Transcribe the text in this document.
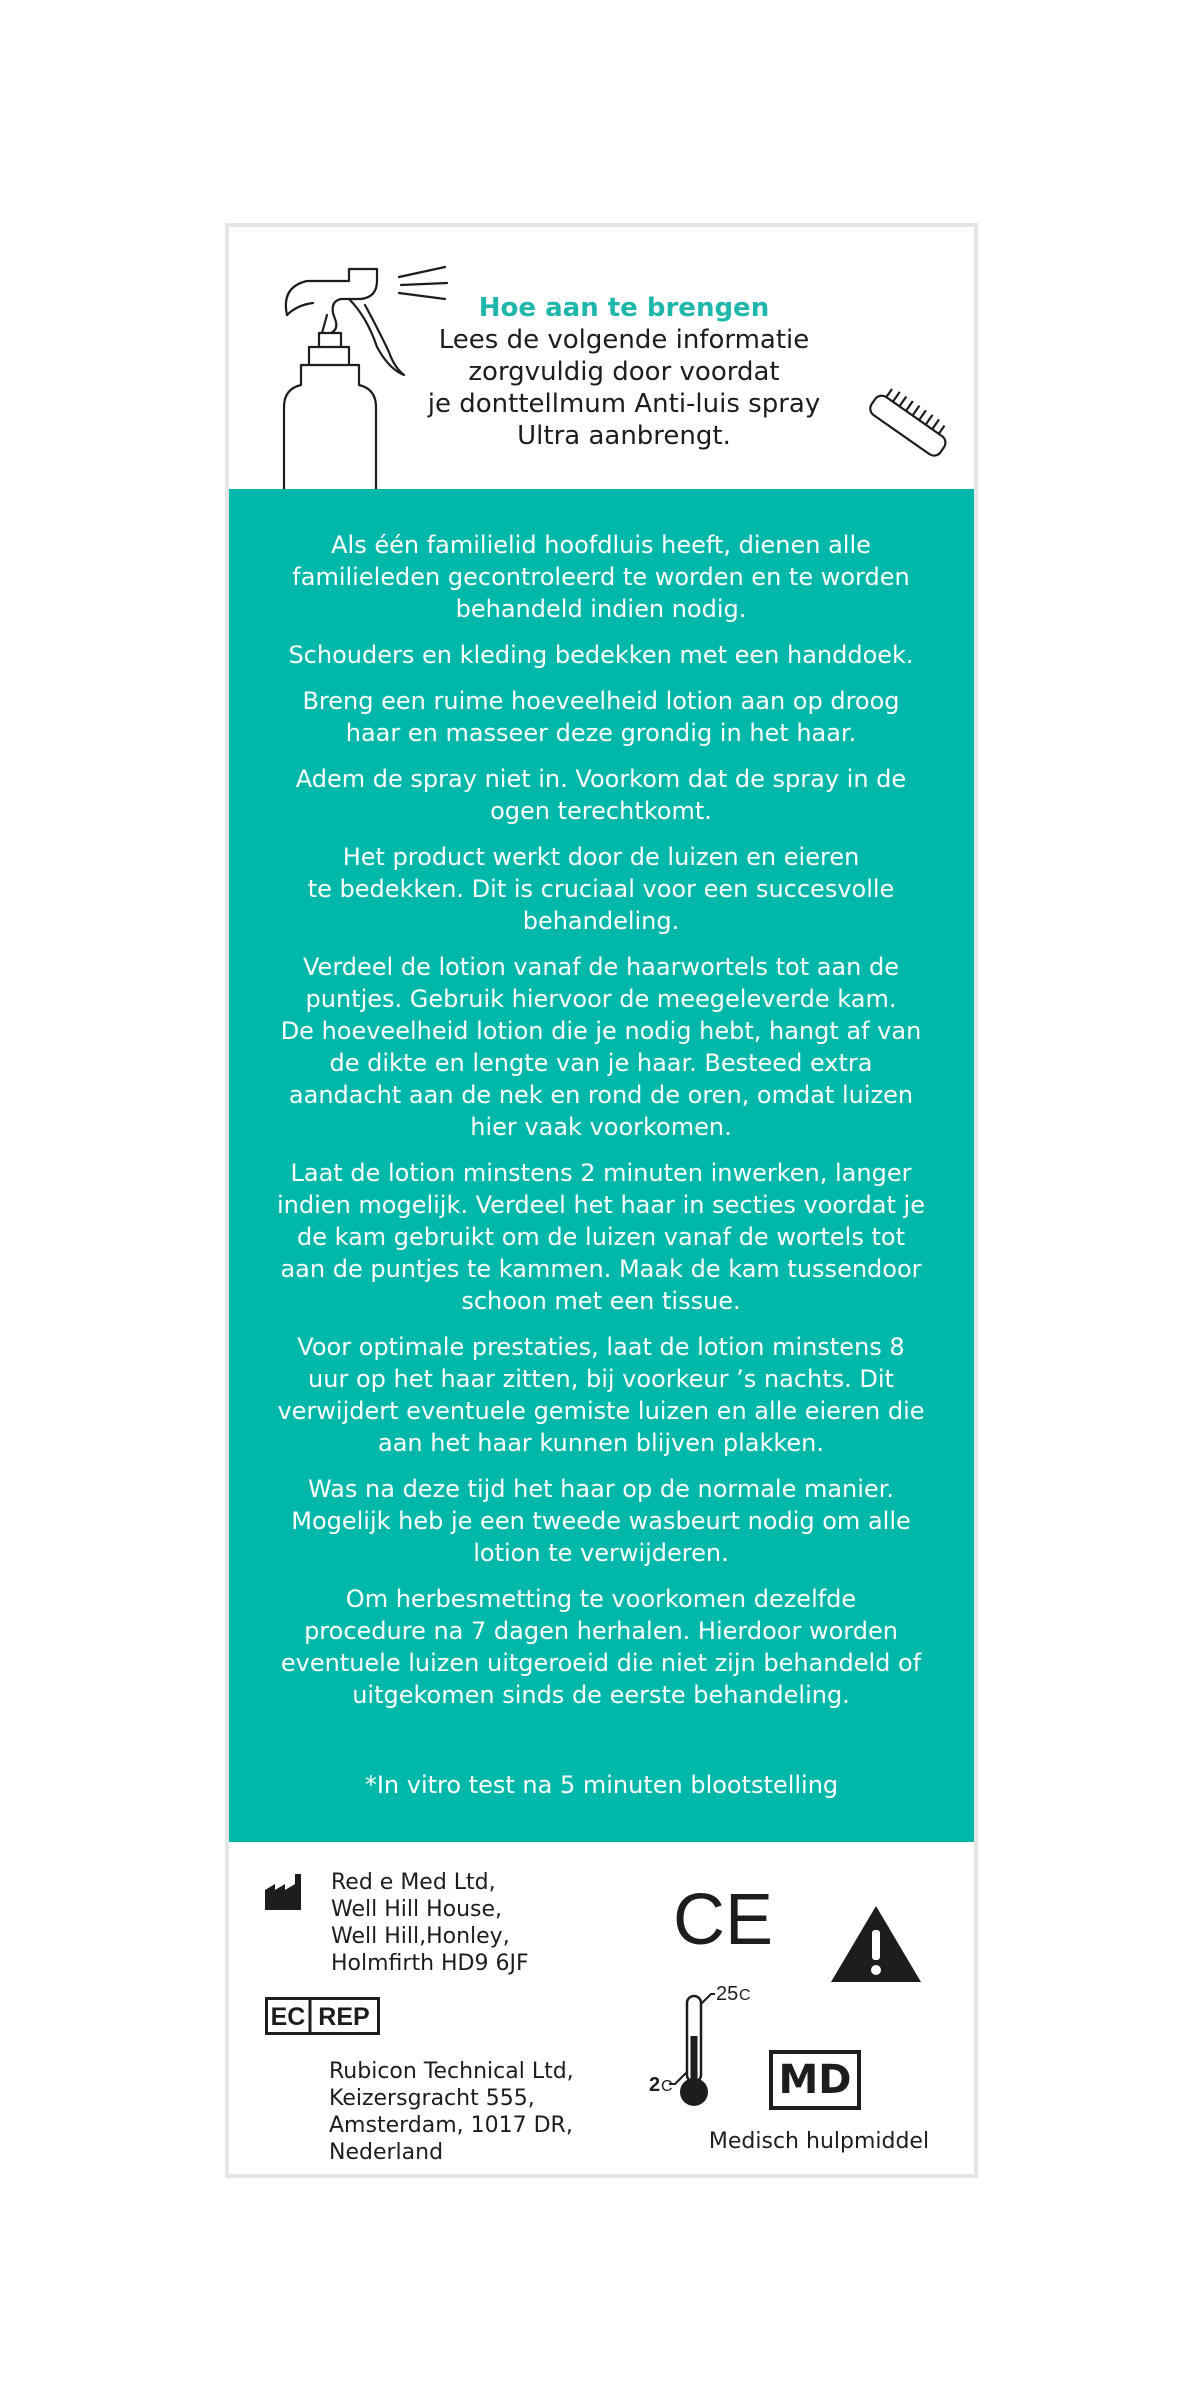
Hoe aan te brengen
Lees de volgende informatie
zorgvuldig door voordat
je donttellmum Anti-luis spray
Ultra aanbrengt.
Als één familielid hoofdluis heeft, dienen alle
familieleden gecontroleerd te worden en te worden
behandeld indien nodig.
Schouders en kleding bedekken met een handdoek.
Breng een ruime hoeveelheid lotion aan op droog
haar en masseer deze grondig in het haar.
Adem de spray niet in. Voorkom dat de spray in de
ogen terechtkomt.
Het product werkt door de luizen en eieren
te bedekken. Dit is cruciaal voor een succesvolle
behandeling.
Verdeel de lotion vanaf de haarwortels tot aan de
puntjes. Gebruik hiervoor de meegeleverde kam.
De hoeveelheid lotion die je nodig hebt, hangt af van
de dikte en lengte van je haar. Besteed extra
aandacht aan de nek en rond de oren, omdat luizen
hier vaak voorkomen.
Laat de lotion minstens 2 minuten inwerken, langer
indien mogelijk. Verdeel het haar in secties voordat je
de kam gebruikt om de luizen vanaf de wortels tot
aan de puntjes te kammen. Maak de kam tussendoor
schoon met een tissue.
Voor optimale prestaties, laat de lotion minstens 8
uur op het haar zitten, bij voorkeur ’s nachts. Dit
verwijdert eventuele gemiste luizen en alle eieren die
aan het haar kunnen blijven plakken.
Was na deze tijd het haar op de normale manier.
Mogelijk heb je een tweede wasbeurt nodig om alle
lotion te verwijderen.
Om herbesmetting te voorkomen dezelfde
procedure na 7 dagen herhalen. Hierdoor worden
eventuele luizen uitgeroeid die niet zijn behandeld of
uitgekomen sinds de eerste behandeling.
*In vitro test na 5 minuten blootstelling
Red e Med Ltd,
Well Hill House,
Well Hill,Honley,
Holmfirth HD9 6JF
EC REP
Rubicon Technical Ltd,
Keizersgracht 555,
Amsterdam, 1017 DR,
Nederland
CE
25 C
2 C	MD
Medisch hulpmiddel
